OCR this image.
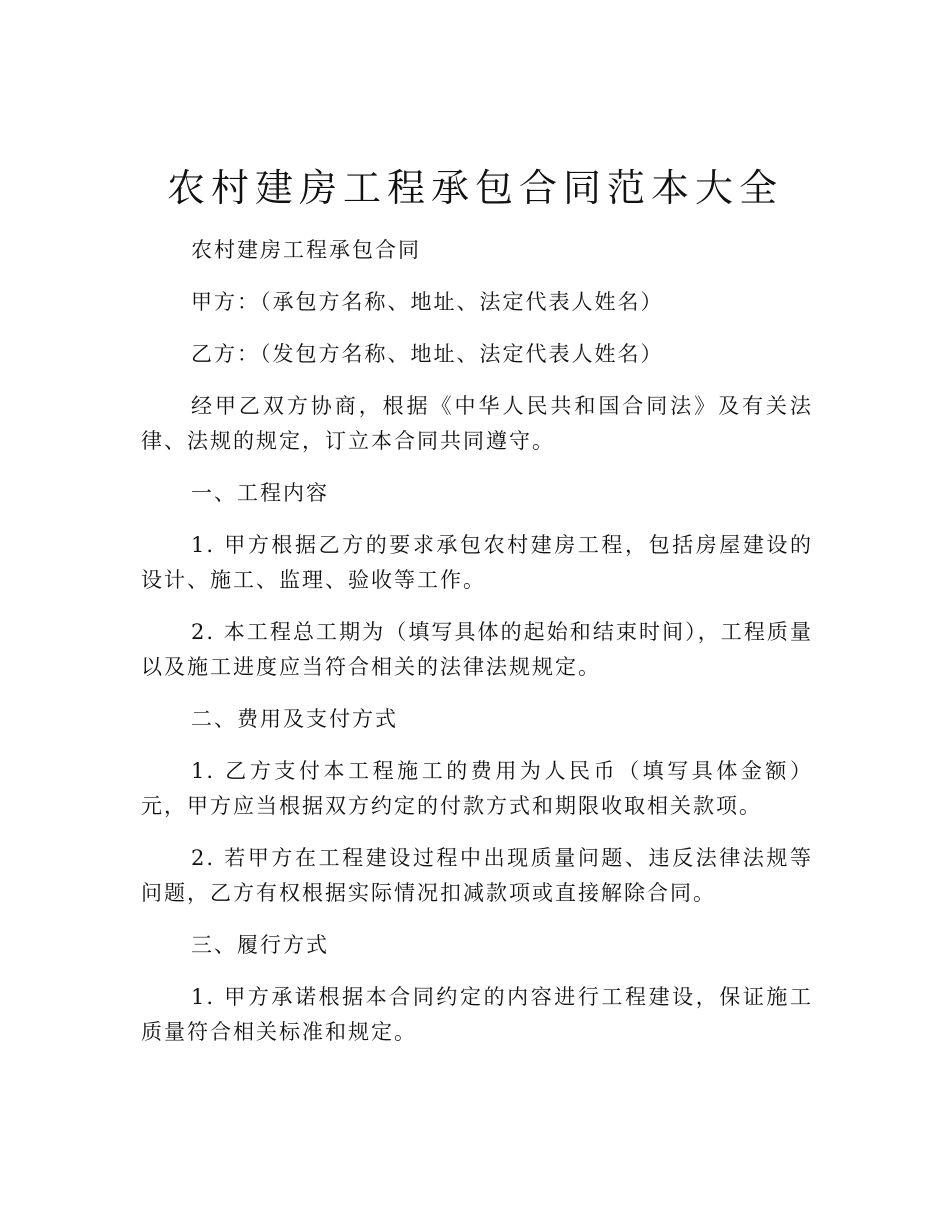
农村建房工程承包合同范本大全

农村建房工程承包合同

甲方：（承包方名称、地址、法定代表人姓名）

乙方：（发包方名称、地址、法定代表人姓名）

经甲乙双方协商，根据《中华人民共和国合同法》及有关法律、法规的规定，订立本合同共同遵守。

一、工程内容

1. 甲方根据乙方的要求承包农村建房工程，包括房屋建设的设计、施工、监理、验收等工作。

2. 本工程总工期为（填写具体的起始和结束时间），工程质量以及施工进度应当符合相关的法律法规规定。

二、费用及支付方式

1. 乙方支付本工程施工的费用为人民币（填写具体金额）元，甲方应当根据双方约定的付款方式和期限收取相关款项。

2. 若甲方在工程建设过程中出现质量问题、违反法律法规等问题，乙方有权根据实际情况扣减款项或直接解除合同。

三、履行方式

1. 甲方承诺根据本合同约定的内容进行工程建设，保证施工质量符合相关标准和规定。
